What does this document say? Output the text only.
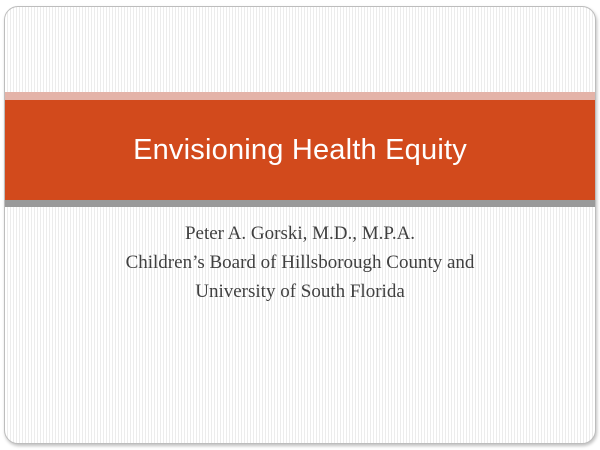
Envisioning Health Equity
Peter A. Gorski, M.D., M.P.A.
Children’s Board of Hillsborough County and
University of South Florida
